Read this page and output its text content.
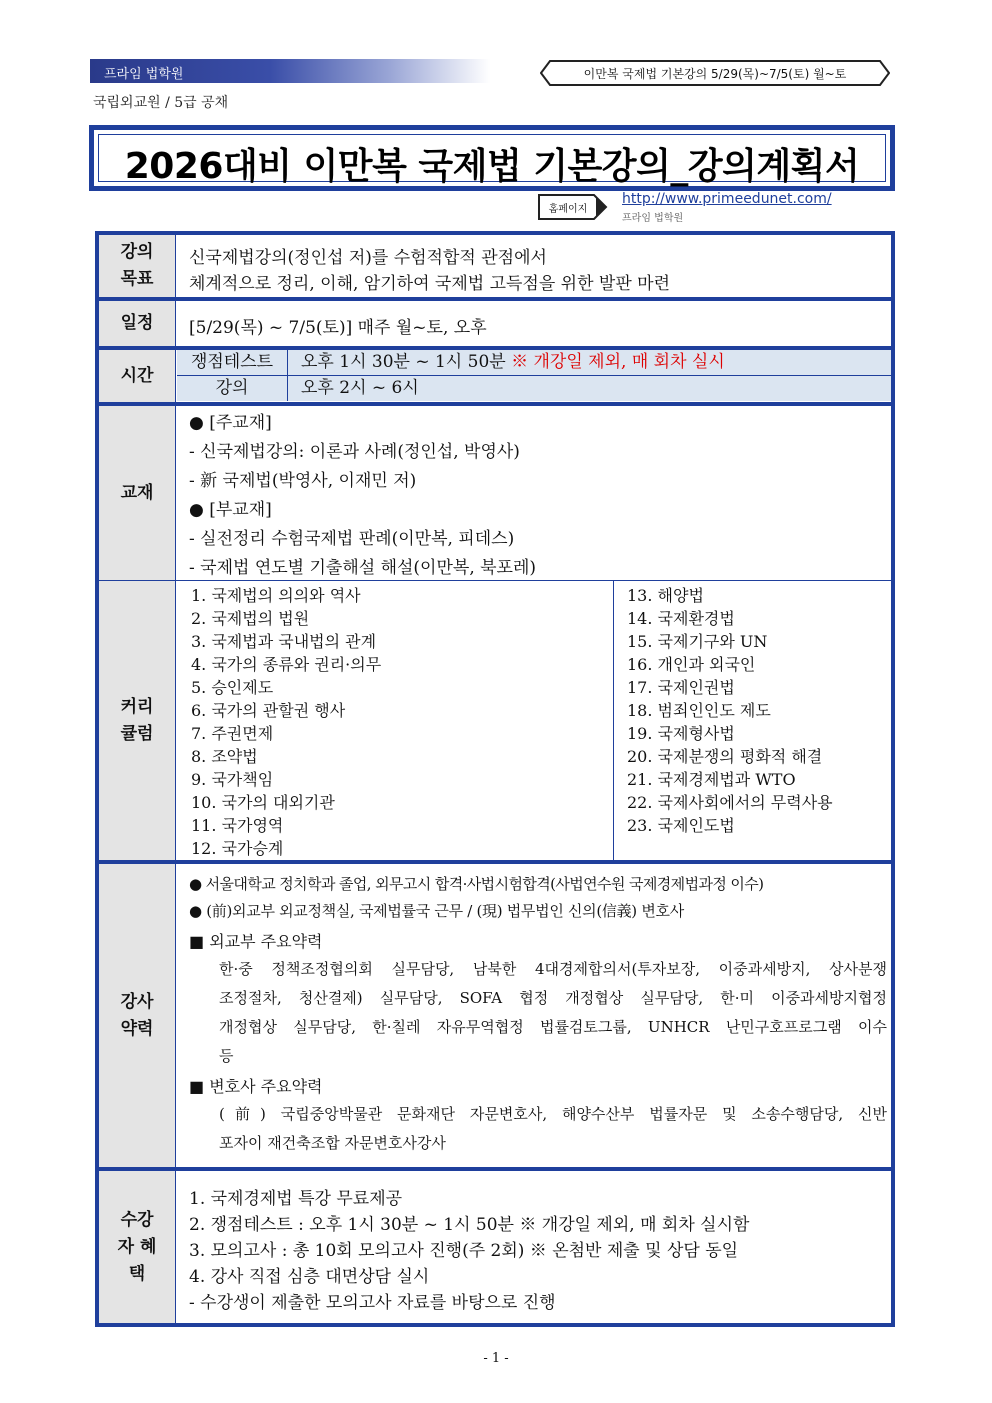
프라임 법학원	이만복 국제법 기본강의 5/29(목)~7/5(토) 월~토
국립외교원 / 5급 공채
2026대비 이만복 국제법 기본강의_강의계획서
홈페이지
http://www.primeedunet.com/
프라임 법학원
강의 목표
신국제법강의(정인섭 저)를 수험적합적 관점에서
체계적으로 정리, 이해, 암기하여 국제법 고득점을 위한 발판 마련
일정	[5/29(목) ~ 7/5(토)] 매주 월~토, 오후
시간
쟁점테스트	오후 1시 30분 ~ 1시 50분 ※ 개강일 제외, 매 회차 실시
강의	오후 2시 ~ 6시
교재
● [주교재]
- 신국제법강의: 이론과 사례(정인섭, 박영사)
- 新 국제법(박영사, 이재민 저)
● [부교재]
- 실전정리 수험국제법 판례(이만복, 피데스)
- 국제법 연도별 기출해설 해설(이만복, 북포레)
커리 큘럼
1. 국제법의 의의와 역사
2. 국제법의 법원
3. 국제법과 국내법의 관계
4. 국가의 종류와 권리·의무
5. 승인제도
6. 국가의 관할권 행사
7. 주권면제
8. 조약법
9. 국가책임
10. 국가의 대외기관
11. 국가영역
12. 국가승계
13. 해양법
14. 국제환경법
15. 국제기구와 UN
16. 개인과 외국인
17. 국제인권법
18. 범죄인인도 제도
19. 국제형사법
20. 국제분쟁의 평화적 해결
21. 국제경제법과 WTO
22. 국제사회에서의 무력사용
23. 국제인도법
강사 약력
● 서울대학교 정치학과 졸업, 외무고시 합격·사법시험합격(사법연수원 국제경제법과정 이수)
● (前)외교부 외교정책실, 국제법률국 근무 / (現) 법무법인 신의(信義) 변호사
■ 외교부 주요약력
한·중 정책조정협의회 실무담당, 남북한 4대경제합의서(투자보장, 이중과세방지, 상사분쟁
조정절차, 청산결제) 실무담당, SOFA 협정 개정협상 실무담당, 한·미 이중과세방지협정
개정협상 실무담당, 한·칠레 자유무역협정 법률검토그룹, UNHCR 난민구호프로그램 이수
등
■ 변호사 주요약력
(前) 국립중앙박물관 문화재단 자문변호사, 해양수산부 법률자문 및 소송수행담당, 신반
포자이 재건축조합 자문변호사강사
수강자 혜택
1. 국제경제법 특강 무료제공
2. 쟁점테스트 : 오후 1시 30분 ~ 1시 50분 ※ 개강일 제외, 매 회차 실시함
3. 모의고사 : 총 10회 모의고사 진행(주 2회) ※ 온첨반 제출 및 상담 동일
4. 강사 직접 심층 대면상담 실시
- 수강생이 제출한 모의고사 자료를 바탕으로 진행
- 1 -
